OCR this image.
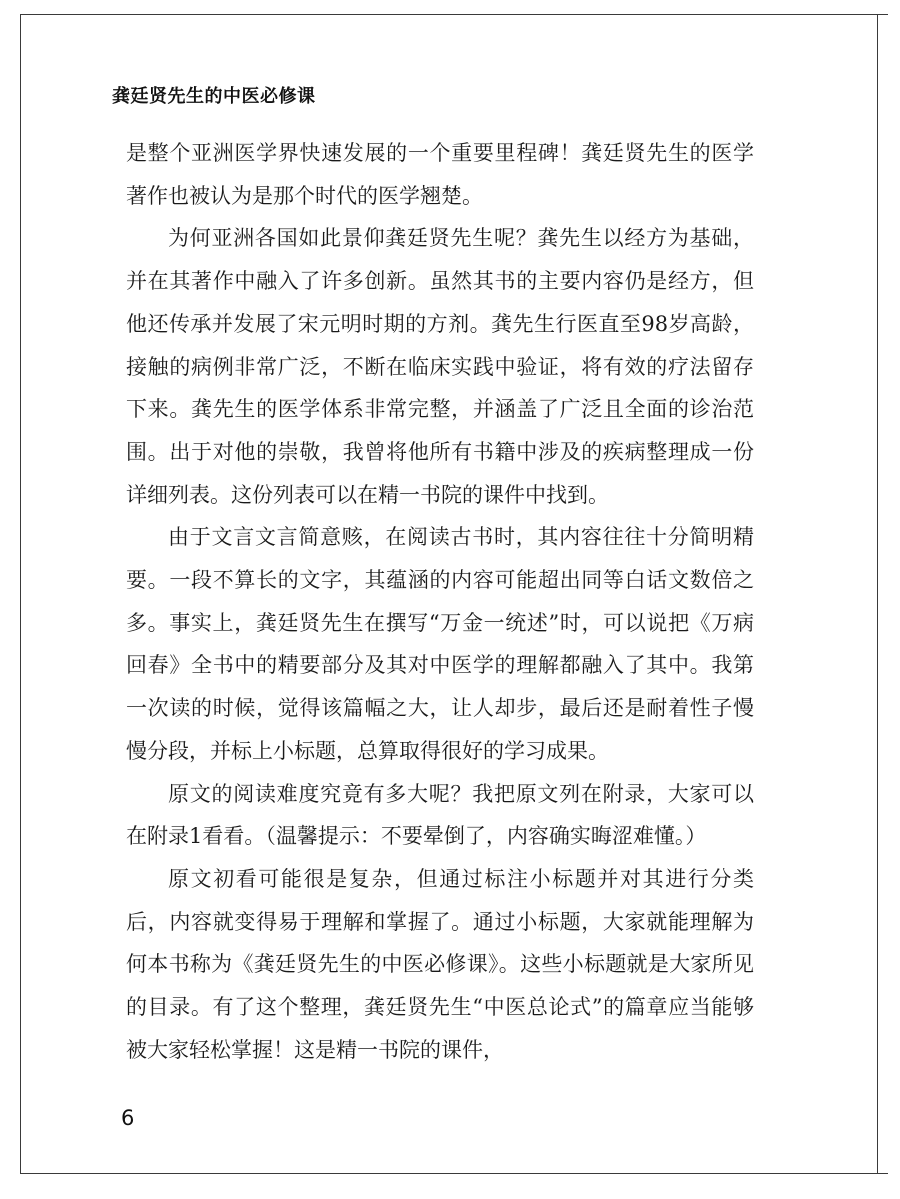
龚廷贤先生的中医必修课

是整个亚洲医学界快速发展的一个重要里程碑！龚廷贤先生的医学著作也被认为是那个时代的医学翘楚。

为何亚洲各国如此景仰龚廷贤先生呢？龚先生以经方为基础，并在其著作中融入了许多创新。虽然其书的主要内容仍是经方，但他还传承并发展了宋元明时期的方剂。龚先生行医直至98岁高龄，接触的病例非常广泛，不断在临床实践中验证，将有效的疗法留存下来。龚先生的医学体系非常完整，并涵盖了广泛且全面的诊治范围。出于对他的崇敬，我曾将他所有书籍中涉及的疾病整理成一份详细列表。这份列表可以在精一书院的课件中找到。

由于文言文言简意赅，在阅读古书时，其内容往往十分简明精要。一段不算长的文字，其蕴涵的内容可能超出同等白话文数倍之多。事实上，龚廷贤先生在撰写“万金一统述”时，可以说把《万病回春》全书中的精要部分及其对中医学的理解都融入了其中。我第一次读的时候，觉得该篇幅之大，让人却步，最后还是耐着性子慢慢分段，并标上小标题，总算取得很好的学习成果。

原文的阅读难度究竟有多大呢？我把原文列在附录，大家可以在附录1看看。（温馨提示：不要晕倒了，内容确实晦涩难懂。）

原文初看可能很是复杂，但通过标注小标题并对其进行分类后，内容就变得易于理解和掌握了。通过小标题，大家就能理解为何本书称为《龚廷贤先生的中医必修课》。这些小标题就是大家所见的目录。有了这个整理，龚廷贤先生“中医总论式”的篇章应当能够被大家轻松掌握！这是精一书院的课件，

6
